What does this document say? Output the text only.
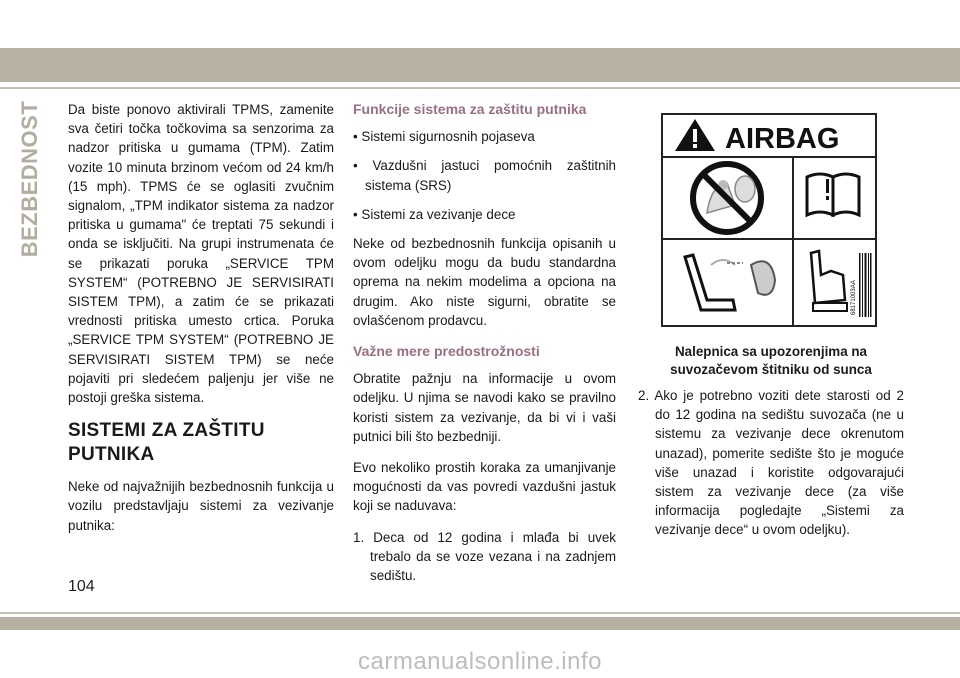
BEZBEDNOST Da biste ponovo aktivirali TPMS, zamenite sva četiri točka točkovima sa senzorima za nadzor pritiska u gumama (TPM). Zatim vozite 10 minuta brzinom većom od 24 km/h (15 mph). TPMS će se oglasiti zvučnim signalom, „TPM indikator sistema za nadzor pritiska u gumama" će treptati 75 sekundi i onda se isključiti. Na grupi instrumenata će se prikazati poruka „SERVICE TPM SYSTEM“ (POTREBNO JE SERVISIRATI SISTEM TPM), a zatim će se prikazati vrednosti pritiska umesto crtica. Poruka „SERVICE TPM SYSTEM“ (POTREBNO JE SERVISIRATI SISTEM TPM) se neće pojaviti pri sledećem paljenju jer više ne postoji greška sistema.

SISTEMI ZA ZAŠTITU
PUTNIKA

Neke od najvažnijih bezbednosnih funkcija u vozilu predstavljaju sistemi za vezivanje putnika:

Funkcije sistema za zaštitu putnika
• Sistemi sigurnosnih pojaseva
• Vazdušni jastuci pomoćnih zaštitnih sistema (SRS)
• Sistemi za vezivanje dece

Neke od bezbednosnih funkcija opisanih u ovom odeljku mogu da budu standardna oprema na nekim modelima a opciona na drugim. Ako niste sigurni, obratite se ovlašćenom prodavcu.

Važne mere predostrožnosti

Obratite pažnju na informacije u ovom odeljku. U njima se navodi kako se pravilno koristi sistem za vezivanje, da bi vi i vaši putnici bili što bezbedniji.

Evo nekoliko prostih koraka za umanjivanje mogućnosti da vas povredi vazdušni jastuk koji se naduvava:

1. Deca od 12 godina i mlađa bi uvek trebalo da se voze vezana i na zadnjem sedištu.

AIRBAG
68171003AA
Nalepnica sa upozorenjima na
suvozačevom štitniku od sunca

2. Ako je potrebno voziti dete starosti od 2 do 12 godina na sedištu suvozača (ne u sistemu za vezivanje dece okrenutom unazad), pomerite sedište što je moguće više unazad i koristite odgovarajući sistem za vezivanje dece (za više informacija pogledajte „Sistemi za vezivanje dece“ u ovom odeljku).

104
carmanualsonline.info
